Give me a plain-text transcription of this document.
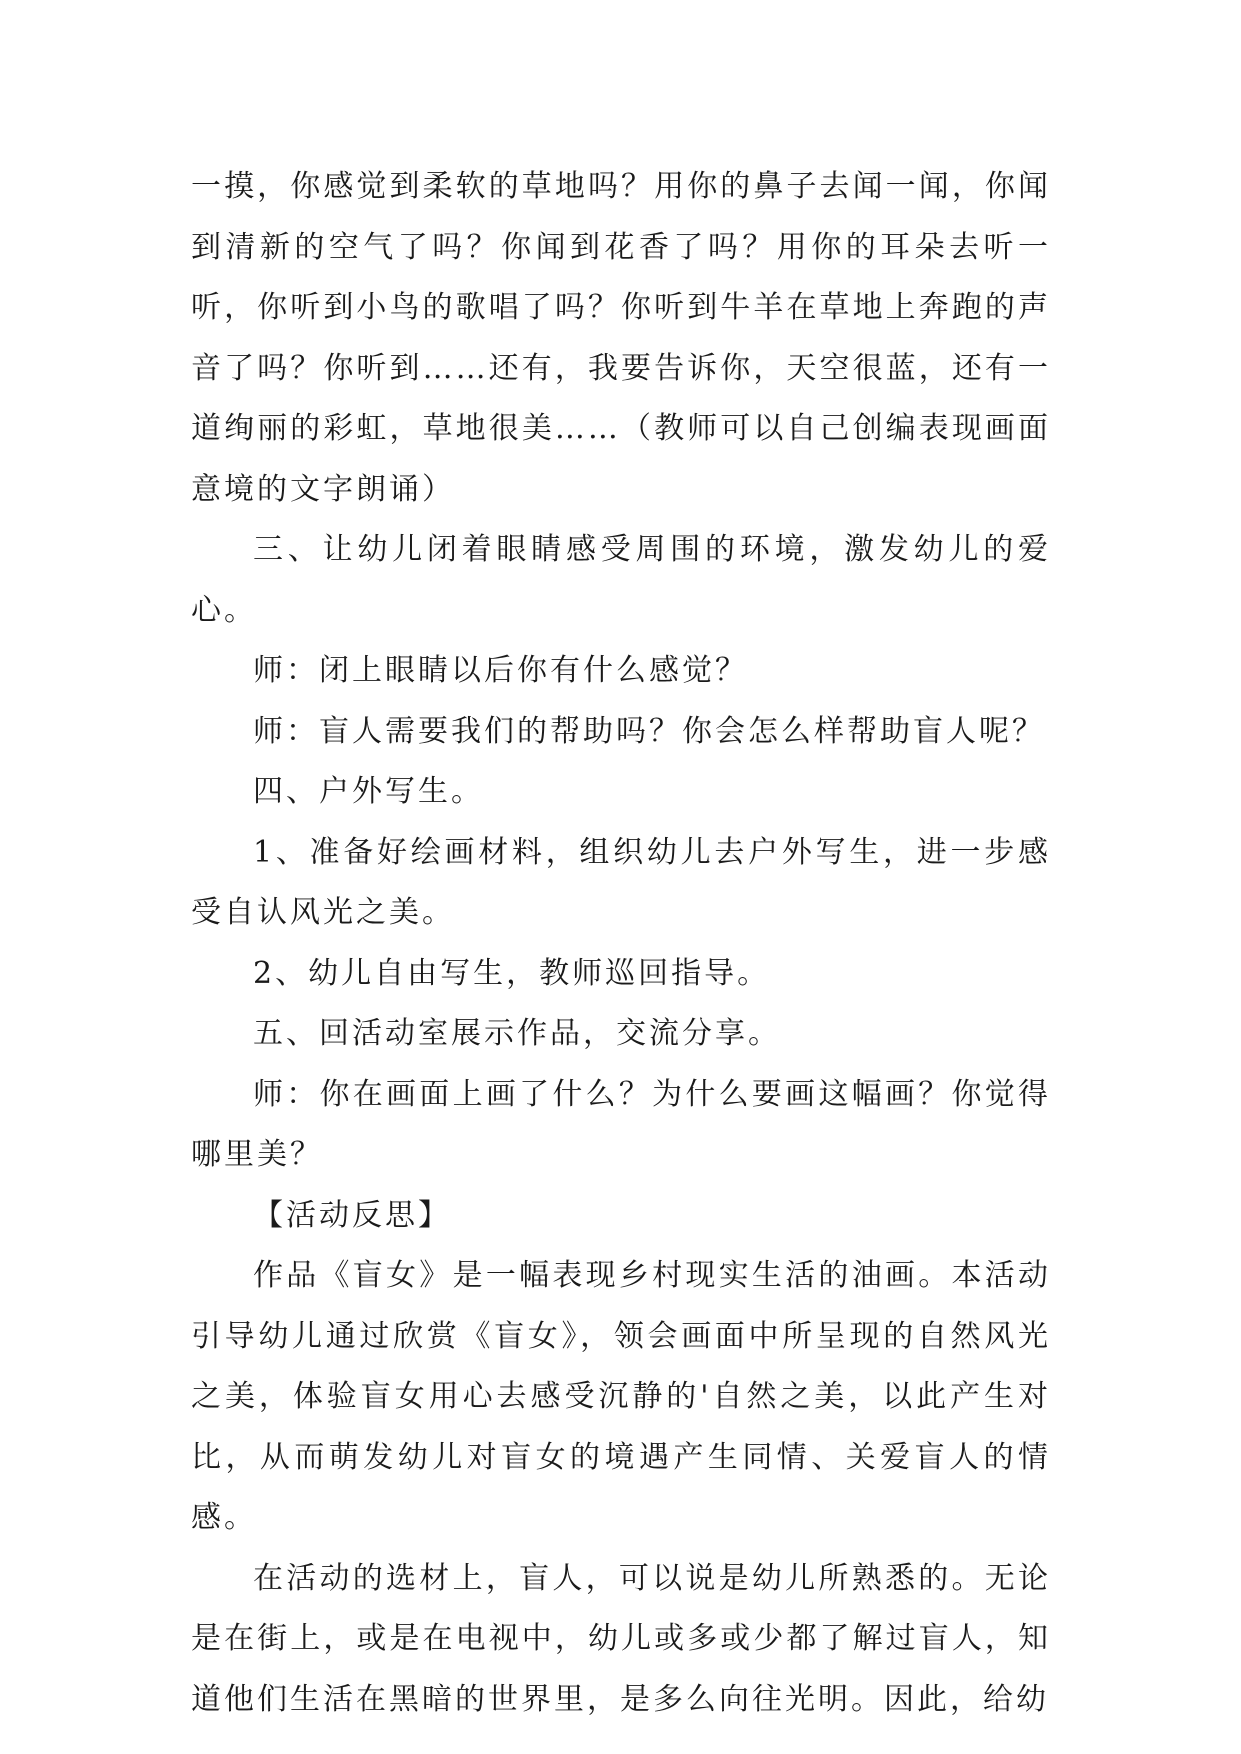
一摸，你感觉到柔软的草地吗？用你的鼻子去闻一闻，你闻到清新的空气了吗？你闻到花香了吗？用你的耳朵去听一听，你听到小鸟的歌唱了吗？你听到牛羊在草地上奔跑的声音了吗？你听到……还有，我要告诉你，天空很蓝，还有一道绚丽的彩虹，草地很美……（教师可以自己创编表现画面意境的文字朗诵）

三、让幼儿闭着眼睛感受周围的环境，激发幼儿的爱心。

师：闭上眼睛以后你有什么感觉？

师：盲人需要我们的帮助吗？你会怎么样帮助盲人呢？

四、户外写生。

1、准备好绘画材料，组织幼儿去户外写生，进一步感受自认风光之美。

2、幼儿自由写生，教师巡回指导。

五、回活动室展示作品，交流分享。

师：你在画面上画了什么？为什么要画这幅画？你觉得哪里美？

【活动反思】

作品《盲女》是一幅表现乡村现实生活的油画。本活动引导幼儿通过欣赏《盲女》，领会画面中所呈现的自然风光之美，体验盲女用心去感受沉静的'自然之美，以此产生对比，从而萌发幼儿对盲女的境遇产生同情、关爱盲人的情感。

在活动的选材上，盲人，可以说是幼儿所熟悉的。无论是在街上，或是在电视中，幼儿或多或少都了解过盲人，知道他们生活在黑暗的世界里，是多么向往光明。因此，给幼
